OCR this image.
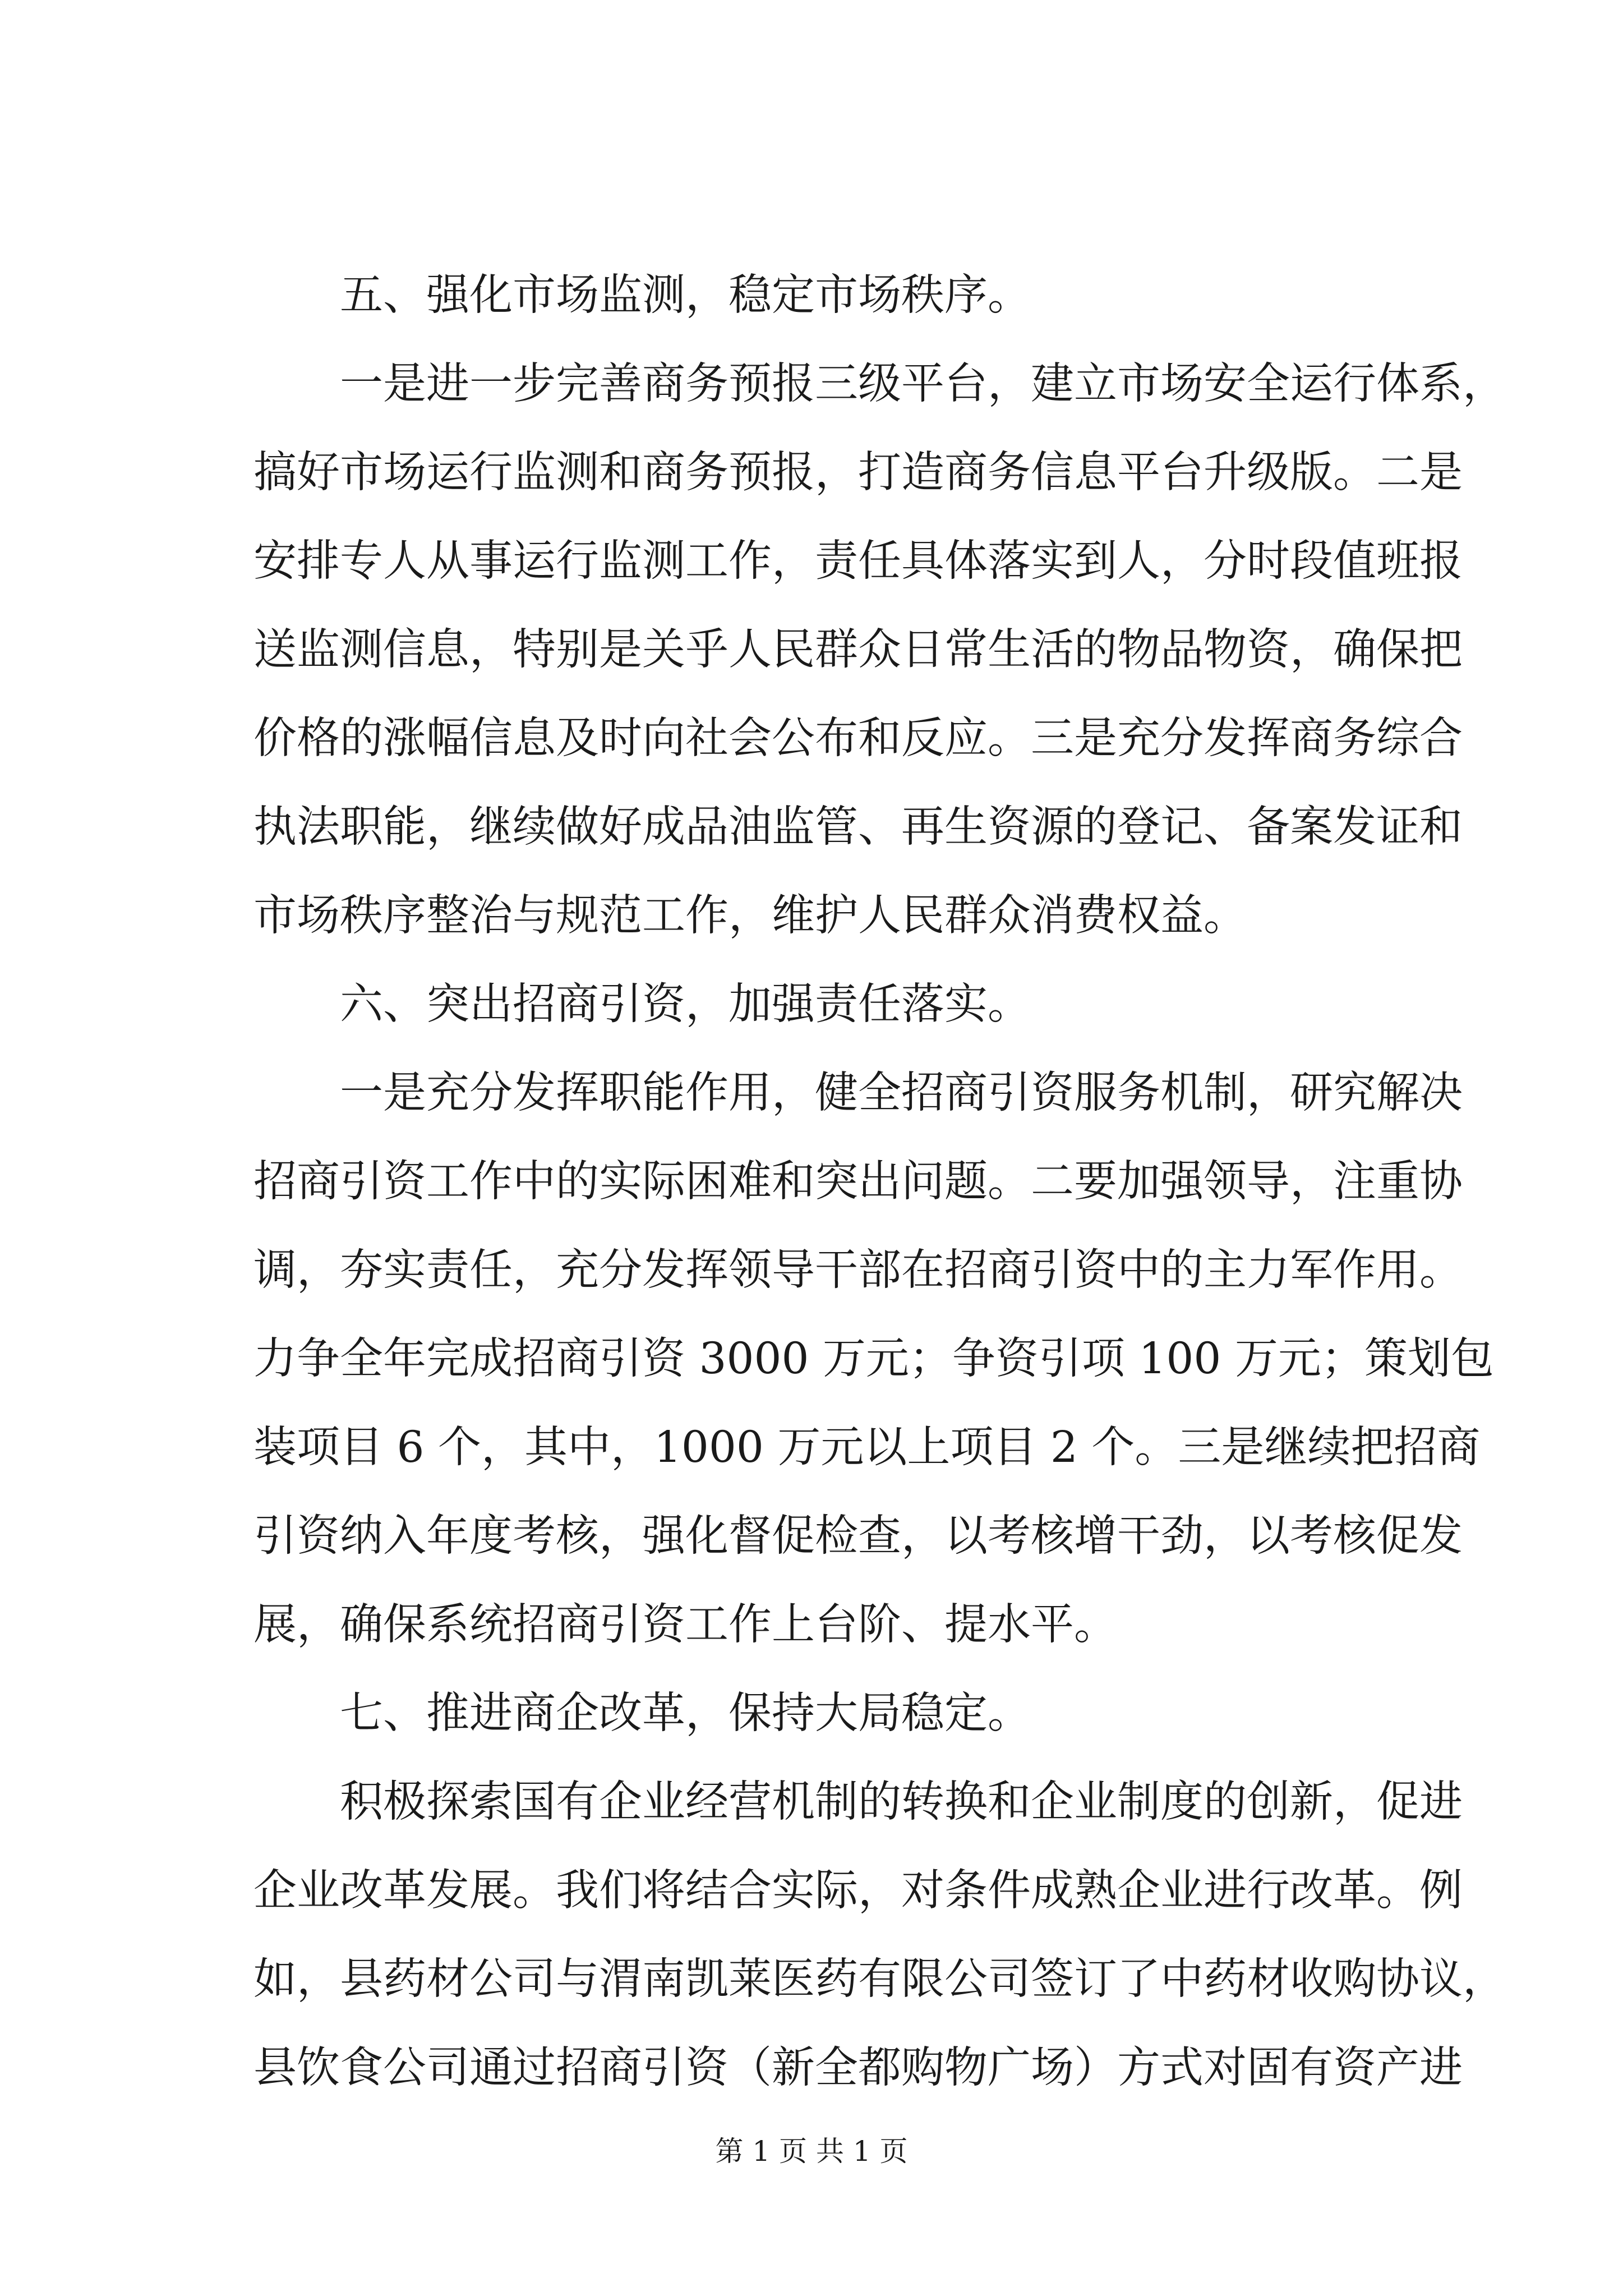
五、强化市场监测，稳定市场秩序。
一是进一步完善商务预报三级平台，建立市场安全运行体系，
搞好市场运行监测和商务预报，打造商务信息平台升级版。二是
安排专人从事运行监测工作，责任具体落实到人，分时段值班报
送监测信息，特别是关乎人民群众日常生活的物品物资，确保把
价格的涨幅信息及时向社会公布和反应。三是充分发挥商务综合
执法职能，继续做好成品油监管、再生资源的登记、备案发证和
市场秩序整治与规范工作，维护人民群众消费权益。
六、突出招商引资，加强责任落实。
一是充分发挥职能作用，健全招商引资服务机制，研究解决
招商引资工作中的实际困难和突出问题。二要加强领导，注重协
调，夯实责任，充分发挥领导干部在招商引资中的主力军作用。
力争全年完成招商引资 3000 万元；争资引项 100 万元；策划包
装项目 6 个，其中，1000 万元以上项目 2 个。三是继续把招商
引资纳入年度考核，强化督促检查，以考核增干劲，以考核促发
展，确保系统招商引资工作上台阶、提水平。
七、推进商企改革，保持大局稳定。
积极探索国有企业经营机制的转换和企业制度的创新，促进
企业改革发展。我们将结合实际，对条件成熟企业进行改革。例
如，县药材公司与渭南凯莱医药有限公司签订了中药材收购协议，
县饮食公司通过招商引资（新全都购物广场）方式对固有资产进
第 1 页 共 1 页
